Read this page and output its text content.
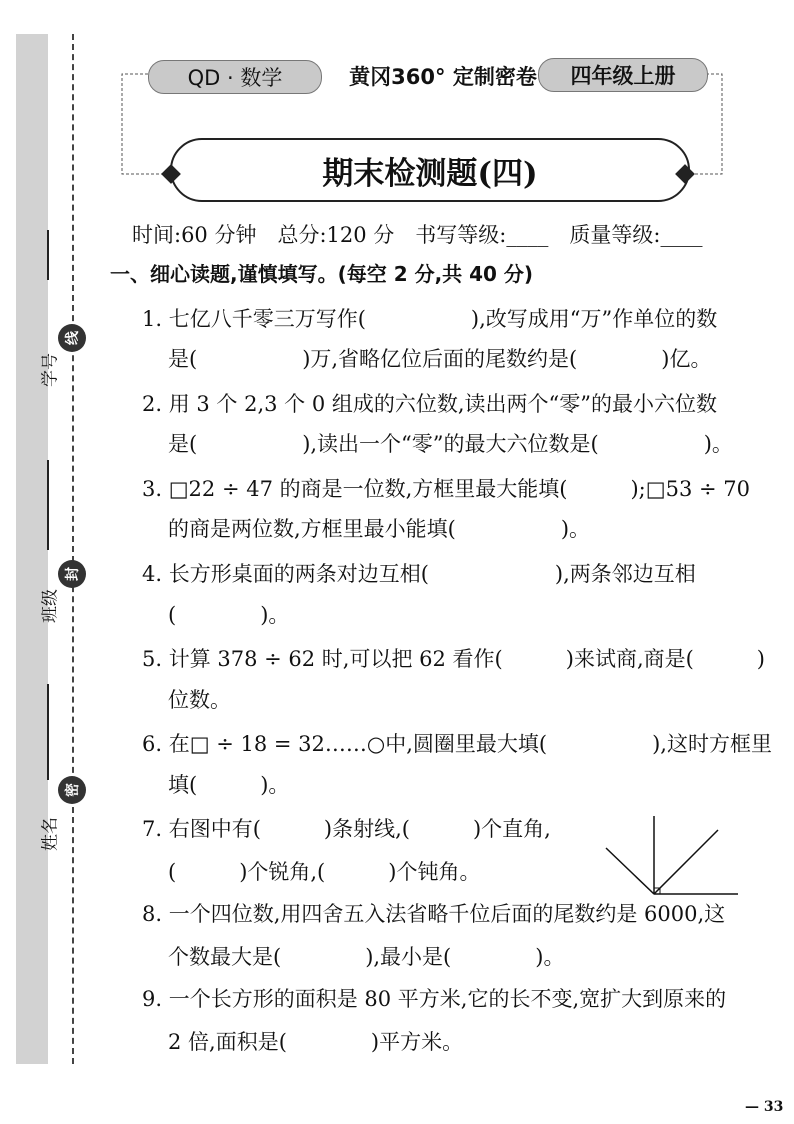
学号
班级
姓名
线
封
密
QD · 数学	黄冈360° 定制密卷	四年级上册
期末检测题(四)
时间:60 分钟　总分:120 分　书写等级:____　质量等级:____
一、细心读题,谨慎填写。(每空 2 分,共 40 分)
1. 七亿八千零三万写作(　　　　　),改写成用“万”作单位的数
是(　　　　　)万,省略亿位后面的尾数约是(　　　　)亿。
2. 用 3 个 2,3 个 0 组成的六位数,读出两个“零”的最小六位数
是(　　　　　),读出一个“零”的最大六位数是(　　　　　)。
3. □22 ÷ 47 的商是一位数,方框里最大能填(　　　);□53 ÷ 70
的商是两位数,方框里最小能填(　　　　　)。
4. 长方形桌面的两条对边互相(　　　　　　),两条邻边互相
(　　　　)。
5. 计算 378 ÷ 62 时,可以把 62 看作(　　　)来试商,商是(　　　)
位数。
6. 在□ ÷ 18 = 32……○中,圆圈里最大填(　　　　　),这时方框里
填(　　　)。
7. 右图中有(　　　)条射线,(　　　)个直角,
(　　　)个锐角,(　　　)个钝角。
8. 一个四位数,用四舍五入法省略千位后面的尾数约是 6000,这
个数最大是(　　　　),最小是(　　　　)。
9. 一个长方形的面积是 80 平方米,它的长不变,宽扩大到原来的
2 倍,面积是(　　　　)平方米。
— 33
